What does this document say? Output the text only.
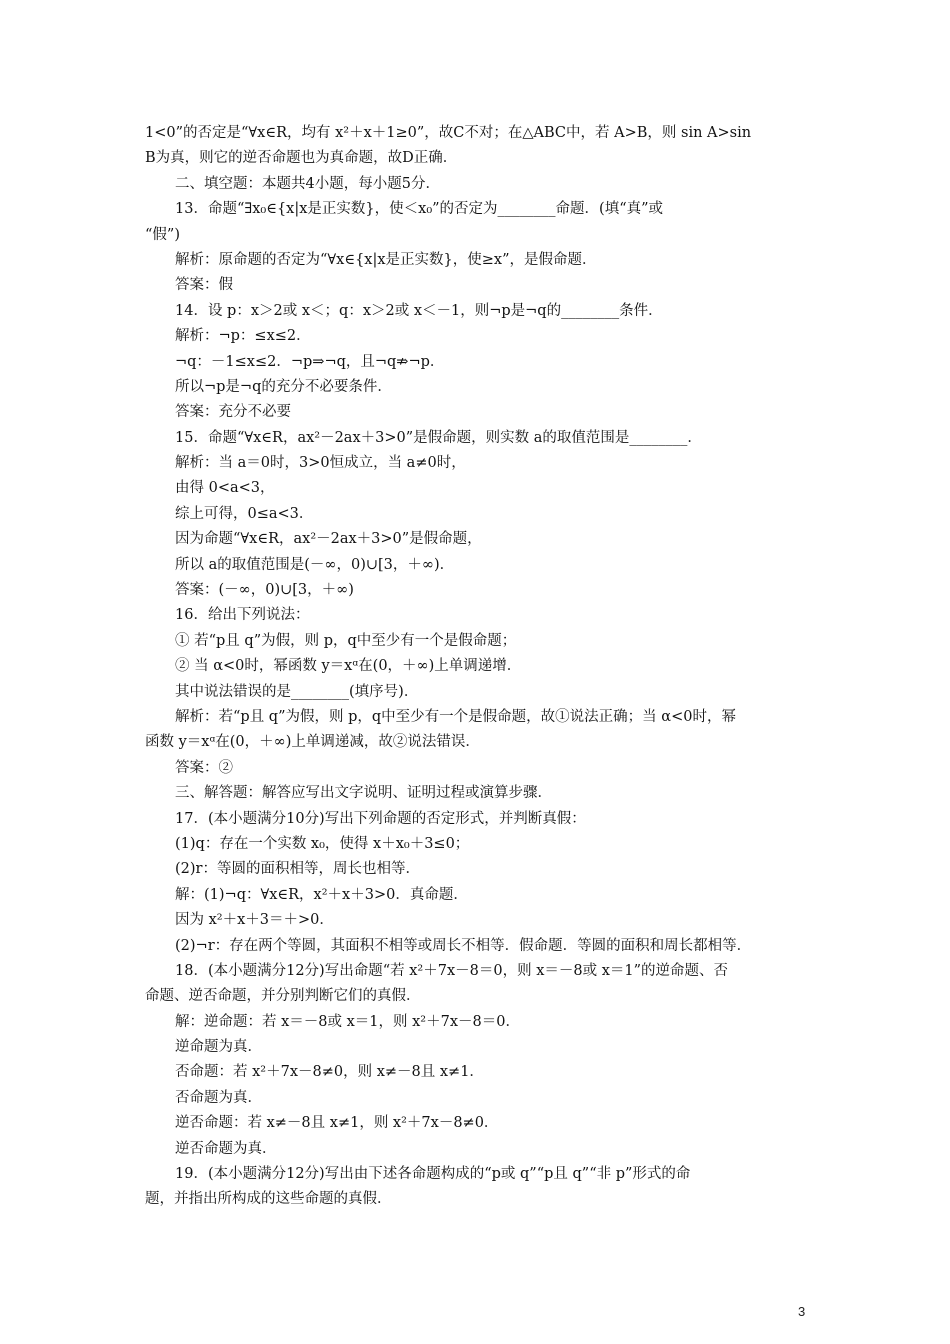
1<0”的否定是“∀x∈R，均有 x²＋x＋1≥0”，故C不对；在△ABC中，若 A>B，则 sin A>sin
B为真，则它的逆否命题也为真命题，故D正确．
二、填空题：本题共4小题，每小题5分．
13．命题“∃x₀∈{x|x是正实数}，使＜x₀”的否定为________命题．(填“真”或
“假”)
解析：原命题的否定为“∀x∈{x|x是正实数}，使≥x”，是假命题．
答案：假
14．设 p：x＞2或 x＜；q：x＞2或 x＜－1，则¬p是¬q的________条件．
解析：¬p：≤x≤2．
¬q：－1≤x≤2．¬p⇒¬q，且¬q⇏¬p．
所以¬p是¬q的充分不必要条件．
答案：充分不必要
15．命题“∀x∈R，ax²－2ax＋3>0”是假命题，则实数 a的取值范围是________．
解析：当 a＝0时，3>0恒成立，当 a≠0时，
由得 0<a<3，
综上可得，0≤a<3．
因为命题“∀x∈R，ax²－2ax＋3>0”是假命题，
所以 a的取值范围是(－∞，0)∪[3，＋∞)．
答案：(－∞，0)∪[3，＋∞)
16．给出下列说法：
① 若“p且 q”为假，则 p，q中至少有一个是假命题；
② 当 α<0时，幂函数 y＝xᵅ在(0，＋∞)上单调递增．
其中说法错误的是________(填序号)．
解析：若“p且 q”为假，则 p，q中至少有一个是假命题，故①说法正确；当 α<0时，幂
函数 y＝xᵅ在(0，＋∞)上单调递减，故②说法错误．
答案：②
三、解答题：解答应写出文字说明、证明过程或演算步骤．
17．(本小题满分10分)写出下列命题的否定形式，并判断真假：
(1)q：存在一个实数 x₀，使得 x＋x₀＋3≤0；
(2)r：等圆的面积相等，周长也相等．
解：(1)¬q：∀x∈R，x²＋x＋3>0．真命题．
因为 x²＋x＋3＝＋>0．
(2)¬r：存在两个等圆，其面积不相等或周长不相等．假命题．等圆的面积和周长都相等．
18．(本小题满分12分)写出命题“若 x²＋7x－8＝0，则 x＝－8或 x＝1”的逆命题、否
命题、逆否命题，并分别判断它们的真假．
解：逆命题：若 x＝－8或 x＝1，则 x²＋7x－8＝0．
逆命题为真．
否命题：若 x²＋7x－8≠0，则 x≠－8且 x≠1．
否命题为真．
逆否命题：若 x≠－8且 x≠1，则 x²＋7x－8≠0．
逆否命题为真．
19．(本小题满分12分)写出由下述各命题构成的“p或 q”“p且 q”“非 p”形式的命
题，并指出所构成的这些命题的真假．
3
